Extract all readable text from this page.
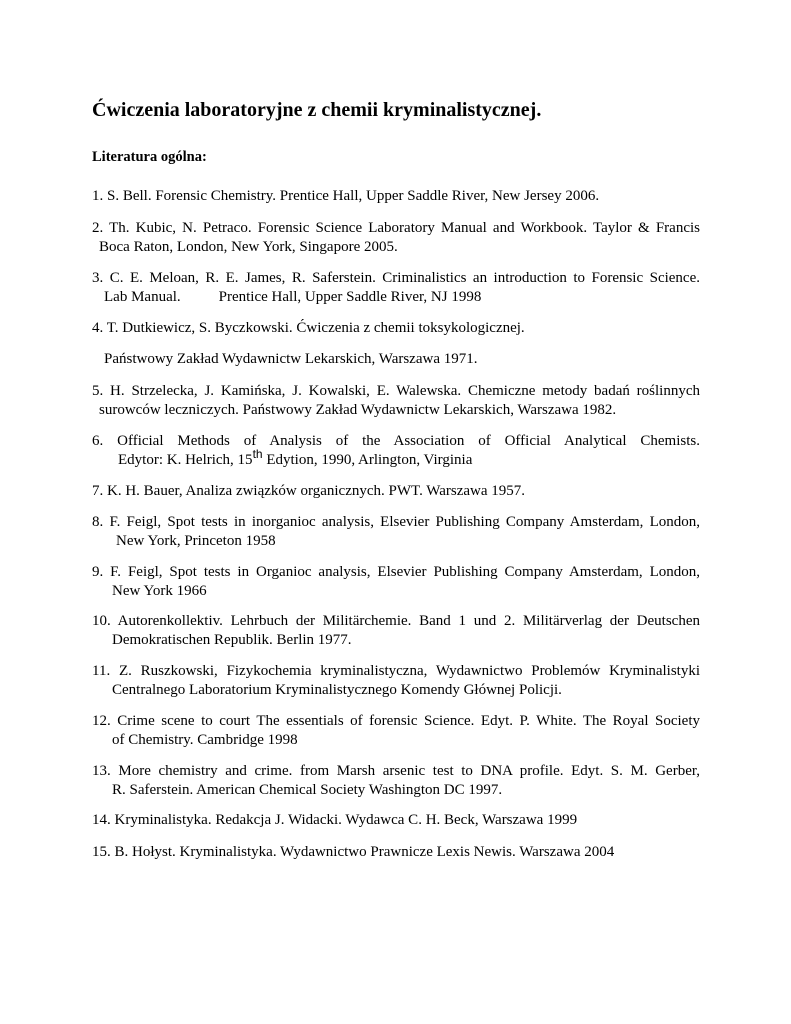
Ćwiczenia laboratoryjne z chemii kryminalistycznej.
Literatura ogólna:
1. S. Bell. Forensic Chemistry. Prentice Hall, Upper Saddle River, New Jersey 2006.
2. Th. Kubic, N. Petraco. Forensic Science Laboratory Manual and Workbook. Taylor & Francis
Boca Raton, London, New York, Singapore 2005.
3. C. E. Meloan, R. E. James, R. Saferstein. Criminalistics an introduction to Forensic Science.
Lab Manual.	Prentice Hall, Upper Saddle River, NJ 1998
4. T. Dutkiewicz, S. Byczkowski. Ćwiczenia z chemii toksykologicznej.
Państwowy Zakład Wydawnictw Lekarskich, Warszawa 1971.
5. H. Strzelecka, J. Kamińska, J. Kowalski, E. Walewska. Chemiczne metody badań roślinnych
surowców leczniczych. Państwowy Zakład Wydawnictw Lekarskich, Warszawa 1982.
6. Official Methods of Analysis of the Association of Official Analytical Chemists.
Edytor: K. Helrich, 15th Edytion, 1990, Arlington, Virginia
7. K. H. Bauer, Analiza związków organicznych. PWT. Warszawa 1957.
8. F. Feigl, Spot tests in inorganioc analysis, Elsevier Publishing Company Amsterdam, London,
New York, Princeton 1958
9. F. Feigl, Spot tests in Organioc analysis, Elsevier Publishing Company Amsterdam, London,
New York 1966
10. Autorenkollektiv. Lehrbuch der Militärchemie. Band 1 und 2. Militärverlag der Deutschen
Demokratischen Republik. Berlin 1977.
11. Z. Ruszkowski, Fizykochemia kryminalistyczna, Wydawnictwo Problemów Kryminalistyki
Centralnego Laboratorium Kryminalistycznego Komendy Głównej Policji.
12. Crime scene to court The essentials of forensic Science. Edyt. P. White. The Royal Society
of Chemistry. Cambridge 1998
13. More chemistry and crime. from Marsh arsenic test to DNA profile. Edyt. S. M. Gerber,
R. Saferstein. American Chemical Society Washington DC 1997.
14. Kryminalistyka. Redakcja J. Widacki. Wydawca C. H. Beck, Warszawa 1999
15. B. Hołyst. Kryminalistyka. Wydawnictwo Prawnicze Lexis Newis. Warszawa 2004
